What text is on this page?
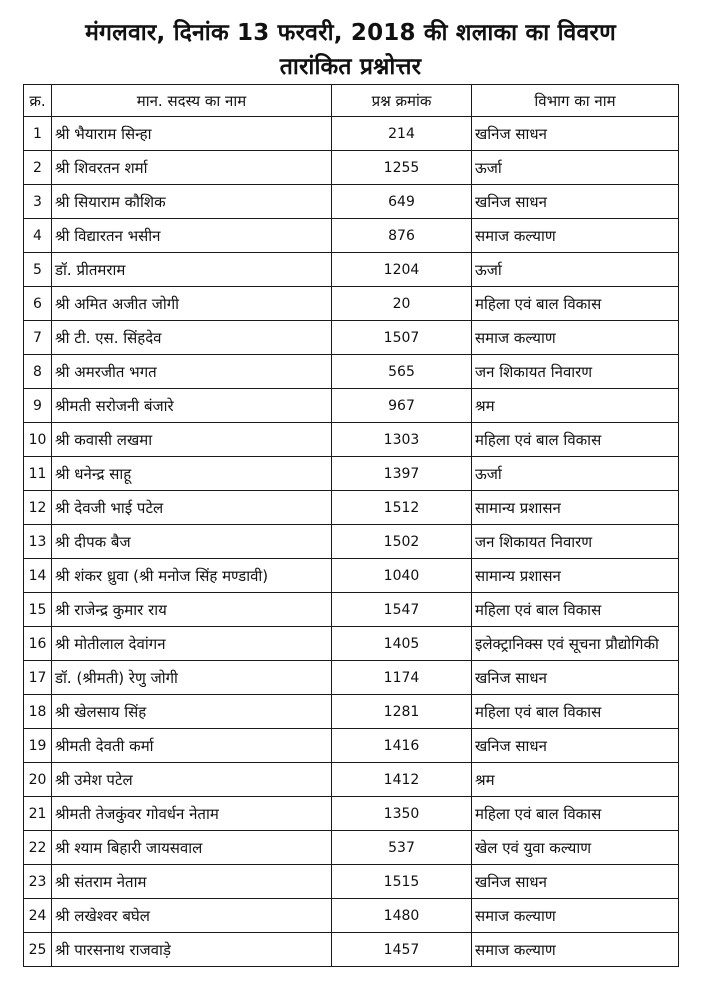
मंगलवार, दिनांक 13 फरवरी, 2018 की शलाका का विवरण
तारांकित प्रश्नोत्तर
क्र.	मान. सदस्य का नाम	प्रश्न क्रमांक	विभाग का नाम
1	श्री भैयाराम सिन्हा	214	खनिज साधन
2	श्री शिवरतन शर्मा	1255	ऊर्जा
3	श्री सियाराम कौशिक	649	खनिज साधन
4	श्री विद्यारतन भसीन	876	समाज कल्याण
5	डॉ. प्रीतमराम	1204	ऊर्जा
6	श्री अमित अजीत जोगी	20	महिला एवं बाल विकास
7	श्री टी. एस. सिंहदेव	1507	समाज कल्याण
8	श्री अमरजीत भगत	565	जन शिकायत निवारण
9	श्रीमती सरोजनी बंजारे	967	श्रम
10	श्री कवासी लखमा	1303	महिला एवं बाल विकास
11	श्री धनेन्द्र साहू	1397	ऊर्जा
12	श्री देवजी भाई पटेल	1512	सामान्य प्रशासन
13	श्री दीपक बैज	1502	जन शिकायत निवारण
14	श्री शंकर ध्रुवा (श्री मनोज सिंह मण्डावी)	1040	सामान्य प्रशासन
15	श्री राजेन्द्र कुमार राय	1547	महिला एवं बाल विकास
16	श्री मोतीलाल देवांगन	1405	इलेक्ट्रानिक्स एवं सूचना प्रौद्योगिकी
17	डॉ. (श्रीमती) रेणु जोगी	1174	खनिज साधन
18	श्री खेलसाय सिंह	1281	महिला एवं बाल विकास
19	श्रीमती देवती कर्मा	1416	खनिज साधन
20	श्री उमेश पटेल	1412	श्रम
21	श्रीमती तेजकुंवर गोवर्धन नेताम	1350	महिला एवं बाल विकास
22	श्री श्याम बिहारी जायसवाल	537	खेल एवं युवा कल्याण
23	श्री संतराम नेताम	1515	खनिज साधन
24	श्री लखेश्वर बघेल	1480	समाज कल्याण
25	श्री पारसनाथ राजवाड़े	1457	समाज कल्याण
